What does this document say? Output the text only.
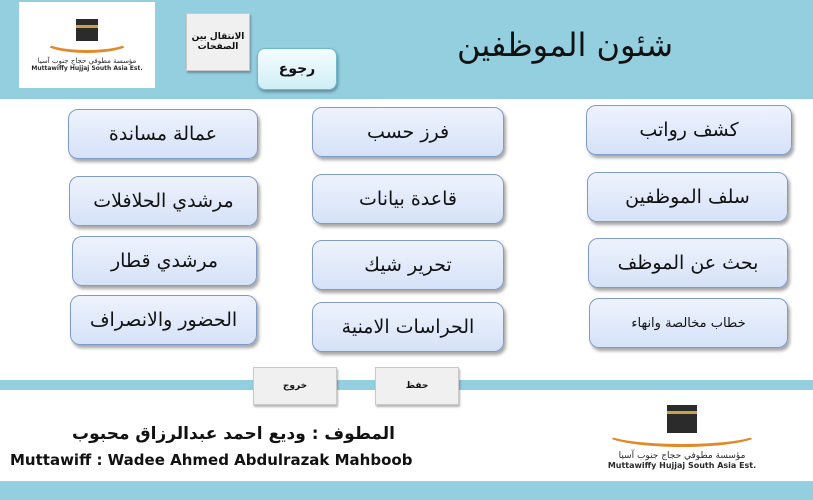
مؤسسة مطوفي حجاج جنوب آسيا
Muttawiffy Hujjaj South Asia Est.
الانتقال بين الصفحات
رجوع
شئون الموظفين
كشف رواتب
سلف الموظفين
بحث عن الموظف
خطاب مخالصة وانهاء
فرز حسب
قاعدة بيانات
تحرير شيك
الحراسات الامنية
عمالة مساندة
مرشدي الحلافلات
مرشدي قطار
الحضور والانصراف
حفظ
خروج
المطوف : وديع احمد عبدالرزاق محبوب
Muttawiff : Wadee Ahmed Abdulrazak Mahboob	مؤسسة مطوفي حجاج جنوب آسيا
Muttawiffy Hujjaj South Asia Est.
